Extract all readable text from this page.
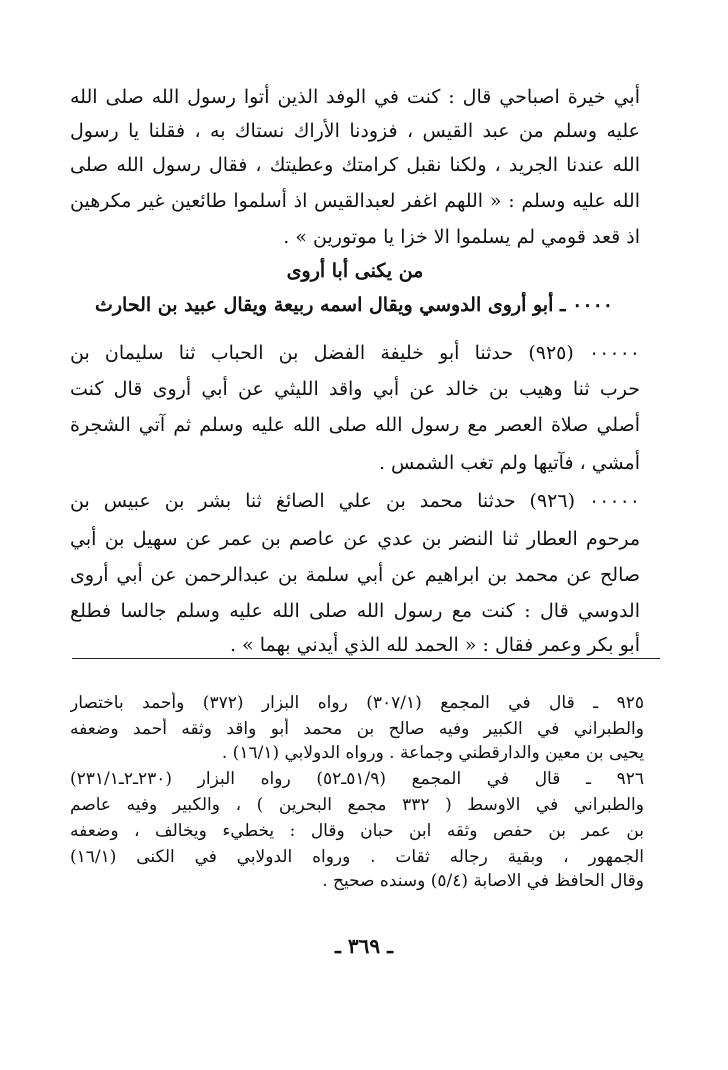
أبي خيرة اصباحي قال : كنت في الوفد الذين أتوا رسول الله صلى الله
عليه وسلم من عبد القيس ، فزودنا الأراك نستاك به ، فقلنا يا رسول
الله عندنا الجريد ، ولكنا نقبل كرامتك وعطيتك ، فقال رسول الله صلى
الله عليه وسلم : « اللهم اغفر لعبدالقيس اذ أسلموا طائعين غير مكرهين
اذ قعد قومي لم يسلموا الا خزا يا موتورين » .
من يكنى أبا أروى
٠٠٠٠ ـ أبو أروى الدوسي ويقال اسمه ربيعة ويقال عبيد بن الحارث
٠٠٠٠٠ (٩٢٥) حدثنا أبو خليفة الفضل بن الحباب ثنا سليمان بن
حرب ثنا وهيب بن خالد عن أبي واقد الليثي عن أبي أروى قال كنت
أصلي صلاة العصر مع رسول الله صلى الله عليه وسلم ثم آتي الشجرة
أمشي ، فآتيها ولم تغب الشمس .
٠٠٠٠٠ (٩٢٦) حدثنا محمد بن علي الصائغ ثنا بشر بن عبيس بن
مرحوم العطار ثنا النضر بن عدي عن عاصم بن عمر عن سهيل بن أبي
صالح عن محمد بن ابراهيم عن أبي سلمة بن عبدالرحمن عن أبي أروى
الدوسي قال : كنت مع رسول الله صلى الله عليه وسلم جالسا فطلع
أبو بكر وعمر فقال : « الحمد لله الذي أيدني بهما » .
٩٢٥ ـ قال في المجمع (٣٠٧/١) رواه البزار (٣٧٢) وأحمد باختصار
والطبراني في الكبير وفيه صالح بن محمد أبو واقد وثقه أحمد وضعفه
يحيى بن معين والدارقطني وجماعة . ورواه الدولابي (١٦/١) .
٩٢٦ ـ قال في المجمع (٥١/٩ـ٥٢) رواه البزار (٢٣٠ـ٢ـ٢٣١/١)
والطبراني في الاوسط ( ٣٣٢ مجمع البحرين ) ، والكبير وفيه عاصم
بن عمر بن حفص وثقه ابن حبان وقال : يخطيء ويخالف ، وضعفه
الجمهور ، وبقية رجاله ثقات . ورواه الدولابي في الكنى (١٦/١)
وقال الحافظ في الاصابة (٥/٤) وسنده صحيح .
ـ ٣٦٩ ـ
